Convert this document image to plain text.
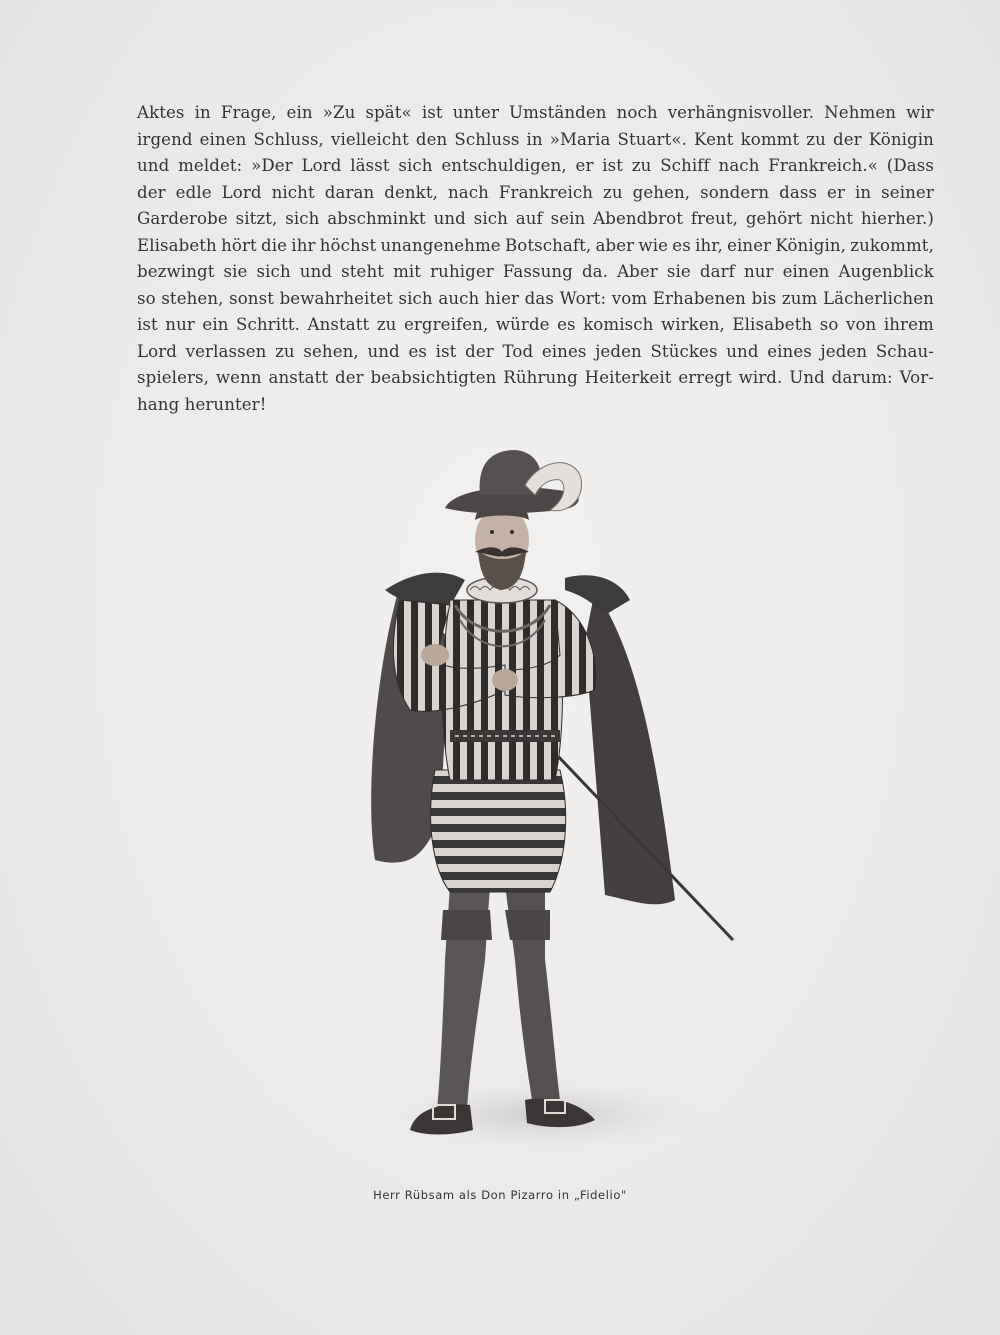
Aktes in Frage, ein »Zu spät« ist unter Umständen noch verhängnisvoller. Nehmen wir
irgend einen Schluss, vielleicht den Schluss in »Maria Stuart«. Kent kommt zu der Königin
und meldet: »Der Lord lässt sich entschuldigen, er ist zu Schiff nach Frankreich.« (Dass
der edle Lord nicht daran denkt, nach Frankreich zu gehen, sondern dass er in seiner
Garderobe sitzt, sich abschminkt und sich auf sein Abendbrot freut, gehört nicht hierher.)
Elisabeth hört die ihr höchst unangenehme Botschaft, aber wie es ihr, einer Königin, zukommt,
bezwingt sie sich und steht mit ruhiger Fassung da. Aber sie darf nur einen Augenblick
so stehen, sonst bewahrheitet sich auch hier das Wort: vom Erhabenen bis zum Lächerlichen
ist nur ein Schritt. Anstatt zu ergreifen, würde es komisch wirken, Elisabeth so von ihrem
Lord verlassen zu sehen, und es ist der Tod eines jeden Stückes und eines jeden Schau-
spielers, wenn anstatt der beabsichtigten Rührung Heiterkeit erregt wird. Und darum: Vor-
hang herunter!
Herr Rübsam als Don Pizarro in „Fidelio"
